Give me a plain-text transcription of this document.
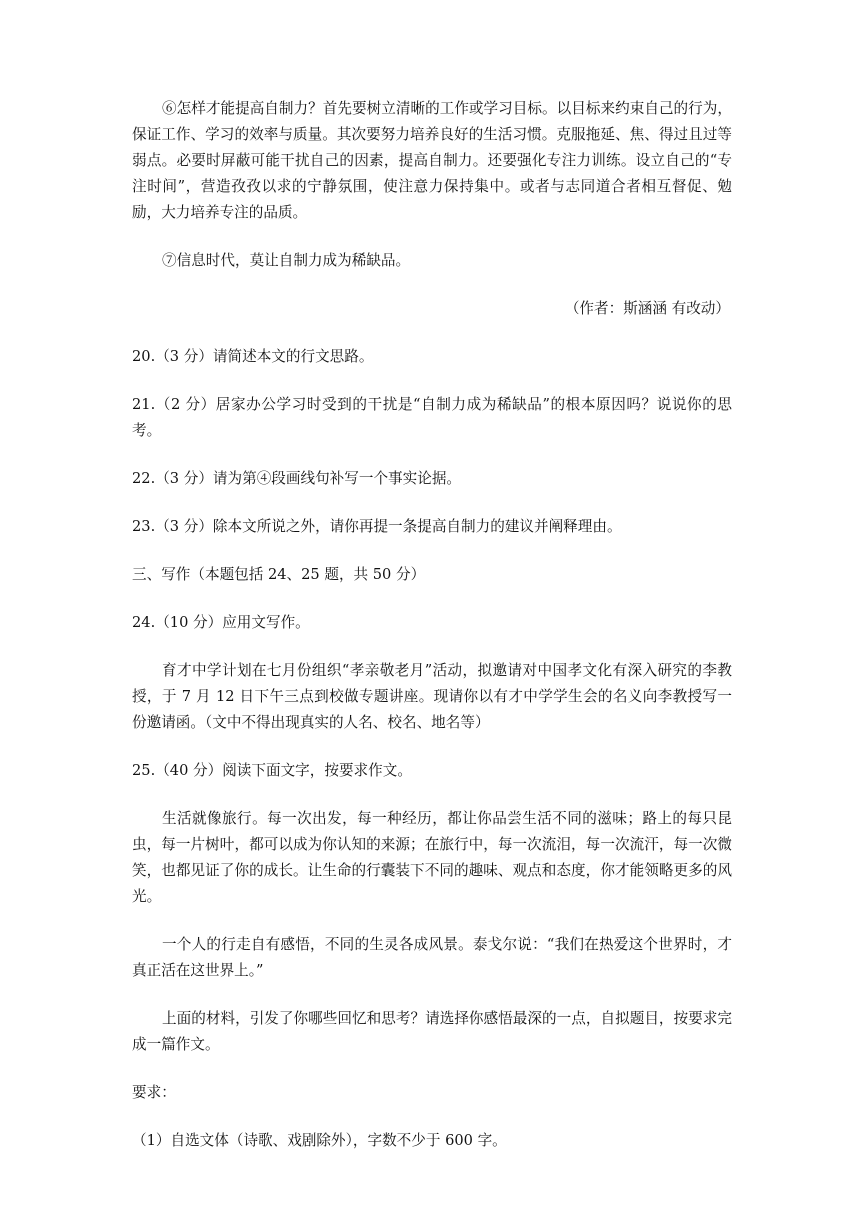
⑥怎样才能提高自制力？首先要树立清晰的工作或学习目标。以目标来约束自己的行为，保证工作、学习的效率与质量。其次要努力培养良好的生活习惯。克服拖延、焦、得过且过等弱点。必要时屏蔽可能干扰自己的因素，提高自制力。还要强化专注力训练。设立自己的“专注时间”，营造孜孜以求的宁静氛围，使注意力保持集中。或者与志同道合者相互督促、勉励，大力培养专注的品质。

⑦信息时代，莫让自制力成为稀缺品。

（作者：斯涵涵 有改动）

20.（3 分）请简述本文的行文思路。

21.（2 分）居家办公学习时受到的干扰是“自制力成为稀缺品”的根本原因吗？说说你的思考。

22.（3 分）请为第④段画线句补写一个事实论据。

23.（3 分）除本文所说之外，请你再提一条提高自制力的建议并阐释理由。

三、写作（本题包括 24、25 题，共 50 分）

24.（10 分）应用文写作。

育才中学计划在七月份组织“孝亲敬老月”活动，拟邀请对中国孝文化有深入研究的李教授，于 7 月 12 日下午三点到校做专题讲座。现请你以有才中学学生会的名义向李教授写一份邀请函。（文中不得出现真实的人名、校名、地名等）

25.（40 分）阅读下面文字，按要求作文。

生活就像旅行。每一次出发，每一种经历，都让你品尝生活不同的滋味；路上的每只昆虫，每一片树叶，都可以成为你认知的来源；在旅行中，每一次流泪，每一次流汗，每一次微笑，也都见证了你的成长。让生命的行囊装下不同的趣味、观点和态度，你才能领略更多的风光。

一个人的行走自有感悟，不同的生灵各成风景。泰戈尔说：“我们在热爱这个世界时，才真正活在这世界上。”

上面的材料，引发了你哪些回忆和思考？请选择你感悟最深的一点，自拟题目，按要求完成一篇作文。

要求：

（1）自选文体（诗歌、戏剧除外），字数不少于 600 字。
